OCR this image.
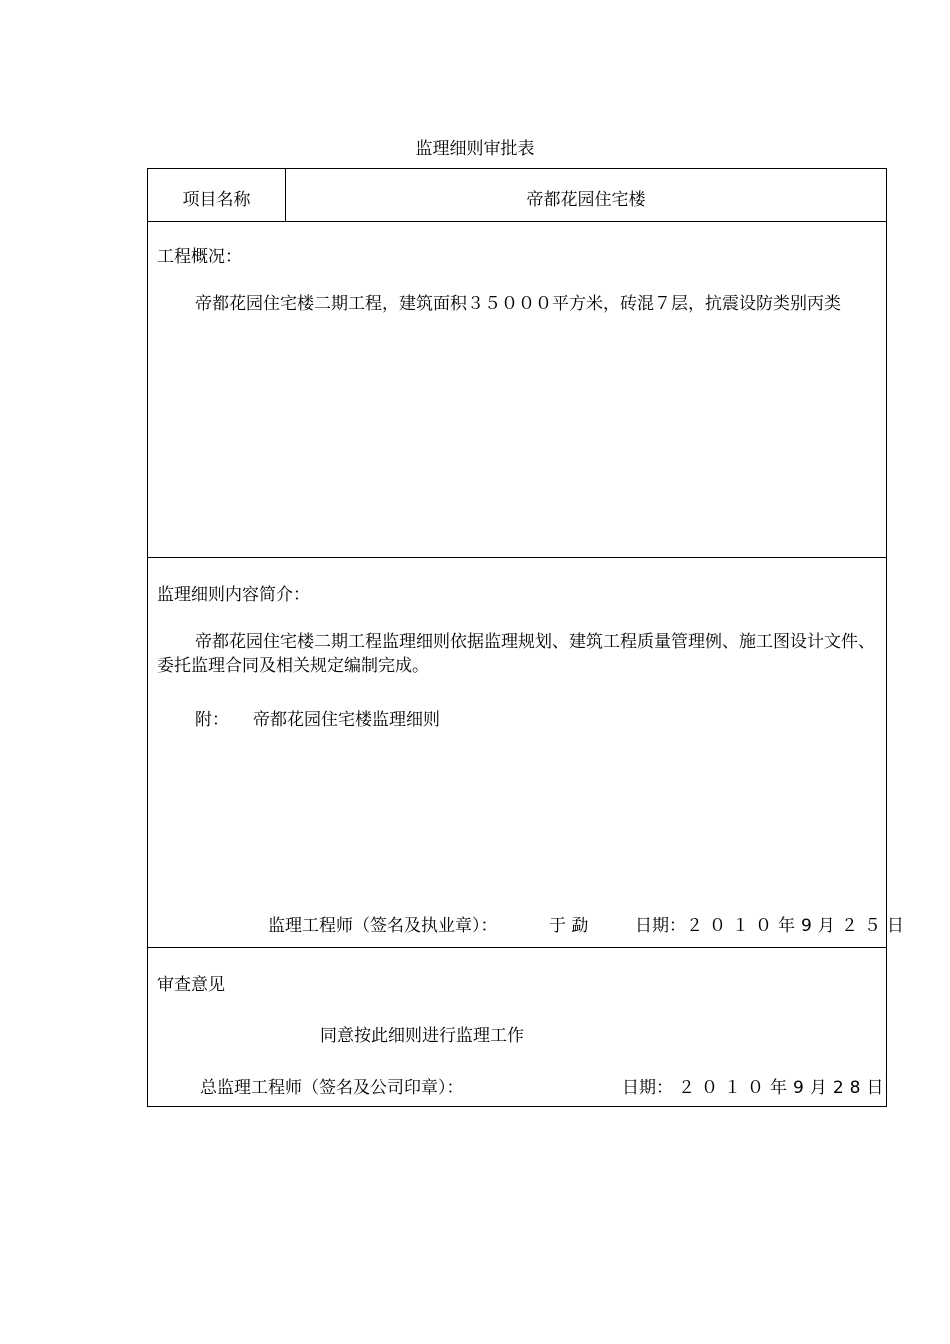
监理细则审批表
项目名称	帝都花园住宅楼
工程概况：
帝都花园住宅楼二期工程，建筑面积３５０００平方米，砖混７层，抗震设防类别丙类
监理细则内容简介：
帝都花园住宅楼二期工程监理细则依据监理规划、建筑工程质量管理例、施工图设计文件、委托监理合同及相关规定编制完成。
附： 帝都花园住宅楼监理细则
监理工程师（签名及执业章）：	于 勐	日期： ２０１０年9月２５日
审查意见
同意按此细则进行监理工作
总监理工程师（签名及公司印章）：	日期： ２０１０年9月28日
